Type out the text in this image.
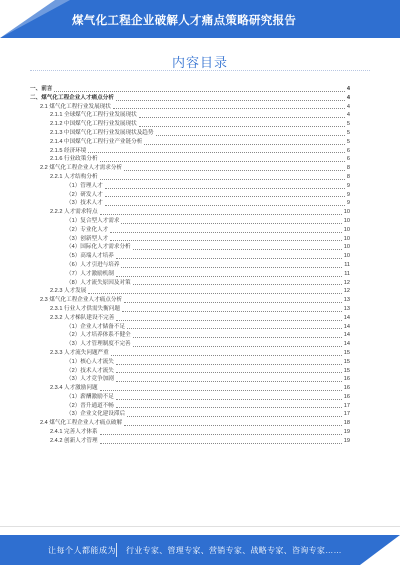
煤气化工程企业破解人才痛点策略研究报告
内容目录
一、前言	4
二、煤气化工程企业人才痛点分析	4
2.1 煤气化工程行业发展现状	4
2.1.1 全球煤气化工程行业发展现状	4
2.1.2 中国煤气化工程行业发展现状	5
2.1.3 中国煤气化工程行业发展现状及趋势	5
2.1.4 中国煤气化工程行业产业链分析	5
2.1.5 经济环境	6
2.1.6 行业政策分析	6
2.2 煤气化工程企业人才需求分析	8
2.2.1 人才结构分析	8
（1）管理人才	9
（2）研发人才	9
（3）技术人才	9
2.2.2 人才需求特点	10
（1）复合型人才需求	10
（2）专业化人才	10
（3）创新型人才	10
（4）国际化人才需求分析	10
（5）高端人才培养	10
（6）人才引进与培养	11
（7）人才激励机制	11
（8）人才流失原因及对策	12
2.2.3 人才发展	12
2.3 煤气化工程企业人才痛点分析	13
2.3.1 行业人才供需失衡问题	13
2.3.2 人才梯队建设不完善	14
（1）企业人才储备不足	14
（2）人才培养体系不健全	14
（3）人才管理制度不完善	14
2.3.3 人才流失问题严重	15
（1）核心人才流失	15
（2）技术人才流失	15
（3）人才竞争加剧	16
2.3.4 人才激励问题	16
（1）薪酬激励不足	16
（2）晋升通道不畅	17
（3）企业文化建设滞后	17
2.4 煤气化工程企业人才痛点破解	18
2.4.1 完善人才体系	19
2.4.2 创新人才管理	19
让每个人都能成为 行业专家、管理专家、营销专家、战略专家、咨询专家……
